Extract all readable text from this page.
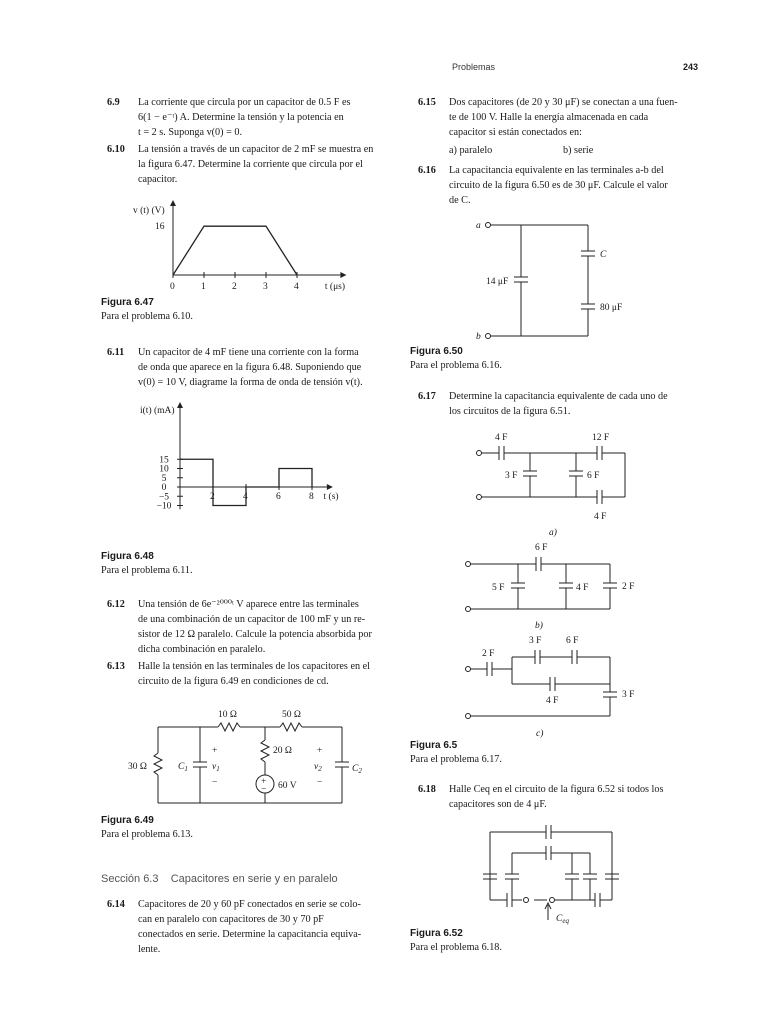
Problemas	243
6.9 La corriente que circula por un capacitor de 0.5 F es
6(1 − e⁻ᵗ) A. Determine la tensión y la potencia en
t = 2 s. Suponga v(0) = 0.
6.10 La tensión a través de un capacitor de 2 mF se muestra en
la figura 6.47. Determine la corriente que circula por el
capacitor.
0	1	2	3	4
16
v (t) (V)
t (μs)
Figura 6.47
Para el problema 6.10.
6.11 Un capacitor de 4 mF tiene una corriente con la forma
de onda que aparece en la figura 6.48. Suponiendo que
v(0) = 10 V, diagrame la forma de onda de tensión v(t).
2	4	6	8
15
10
5
0
−5
−10
i(t) (mA)
t (s)
Figura 6.48
Para el problema 6.11.
6.12 Una tensión de 6e⁻²⁰⁰⁰ᵗ V aparece entre las terminales
de una combinación de un capacitor de 100 mF y un re-
sistor de 12 Ω paralelo. Calcule la potencia absorbida por
dicha combinación en paralelo.
6.13 Halle la tensión en las terminales de los capacitores en el
circuito de la figura 6.49 en condiciones de cd.
10 Ω	50 Ω
20 Ω
30 Ω	$C_1$
+
$v_1$
−	+
− 60 V
+
$v_2$
−
$C_2$
Figura 6.49
Para el problema 6.13.
Sección 6.3    Capacitores en serie y en paralelo
6.14 Capacitores de 20 y 60 pF conectados en serie se colo-
can en paralelo con capacitores de 30 y 70 pF
conectados en serie. Determine la capacitancia equiva-
lente.
6.15 Dos capacitores (de 20 y 30 μF) se conectan a una fuen-
te de 100 V. Halle la energía almacenada en cada
capacitor si están conectados en:
a) paralelo	b) serie
6.16 La capacitancia equivalente en las terminales a-b del
circuito de la figura 6.50 es de 30 μF. Calcule el valor
de C.
a
b
14 μF
C
80 μF
Figura 6.50
Para el problema 6.16.
6.17 Determine la capacitancia equivalente de cada uno de
los circuitos de la figura 6.51.
4 F	12 F
3 F	6 F
4 F
a)
6 F
5 F	4 F	2 F
b)
3 F	6 F
2 F
4 F
3 F
c)
Figura 6.5
Para el problema 6.17.
6.18 Halle Ceq en el circuito de la figura 6.52 si todos los
capacitores son de 4 μF.
$C_{eq}$
Figura 6.52
Para el problema 6.18.
